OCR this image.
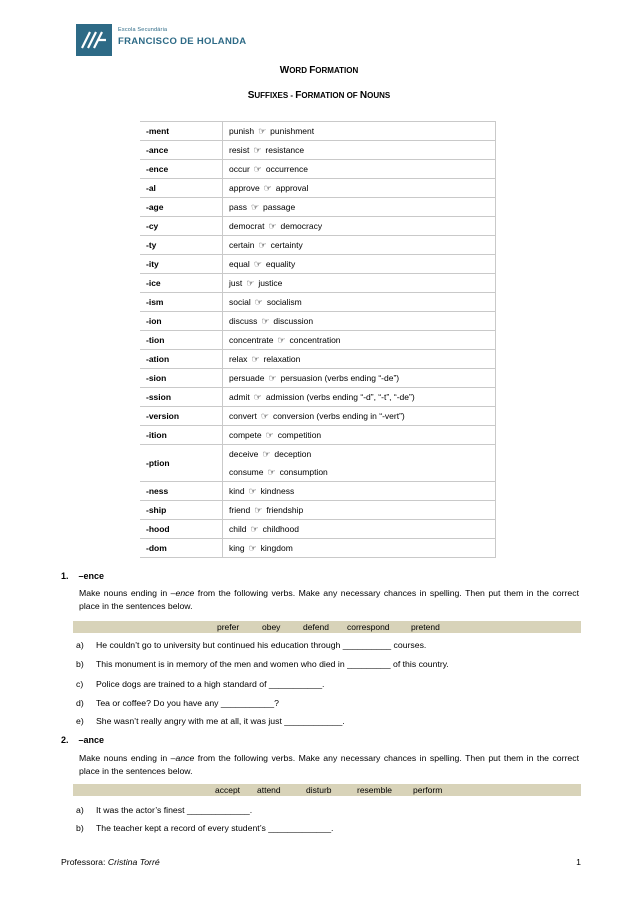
Escola Secundária
FRANCISCO DE HOLANDA
WORD FORMATION
SUFFIXES - FORMATION OF NOUNS
-ment	punish ☞ punishment

-ance	resist ☞ resistance

-ence	occur ☞ occurrence

-al	approve ☞ approval

-age	pass ☞ passage

-cy	democrat ☞ democracy

-ty	certain ☞ certainty

-ity	equal ☞ equality

-ice	just ☞ justice

-ism	social ☞ socialism

-ion	discuss ☞ discussion

-tion	concentrate ☞ concentration

-ation	relax ☞ relaxation

-sion	persuade ☞ persuasion (verbs ending “-de”)

-ssion	admit ☞ admission (verbs ending “-d”, “-t”, “-de”)

-version	convert ☞ conversion (verbs ending in “-vert”)

-ition	compete ☞ competition

-ption	deceive ☞ deception
consume ☞ consumption

-ness	kind ☞ kindness

-ship	friend ☞ friendship

-hood	child ☞ childhood

-dom	king ☞ kingdom
1. –ence
Make nouns ending in –ence from the following verbs. Make any necessary chances in spelling. Then put them in the correct place in the sentences below.
prefer	obey	defend correspond	pretend
a) He couldn’t go to university but continued his education through __________ courses.
b) This monument is in memory of the men and women who died in _________ of this country.
c) Police dogs are trained to a high standard of ___________.
d) Tea or coffee? Do you have any ___________?
e) She wasn’t really angry with me at all, it was just ____________.
2. –ance
Make nouns ending in –ance from the following verbs. Make any necessary chances in spelling. Then put them in the correct place in the sentences below.
accept attend	disturb	resemble perform
a) It was the actor’s finest _____________.
b) The teacher kept a record of every student’s _____________.
Professora: Cristina Torré	1
